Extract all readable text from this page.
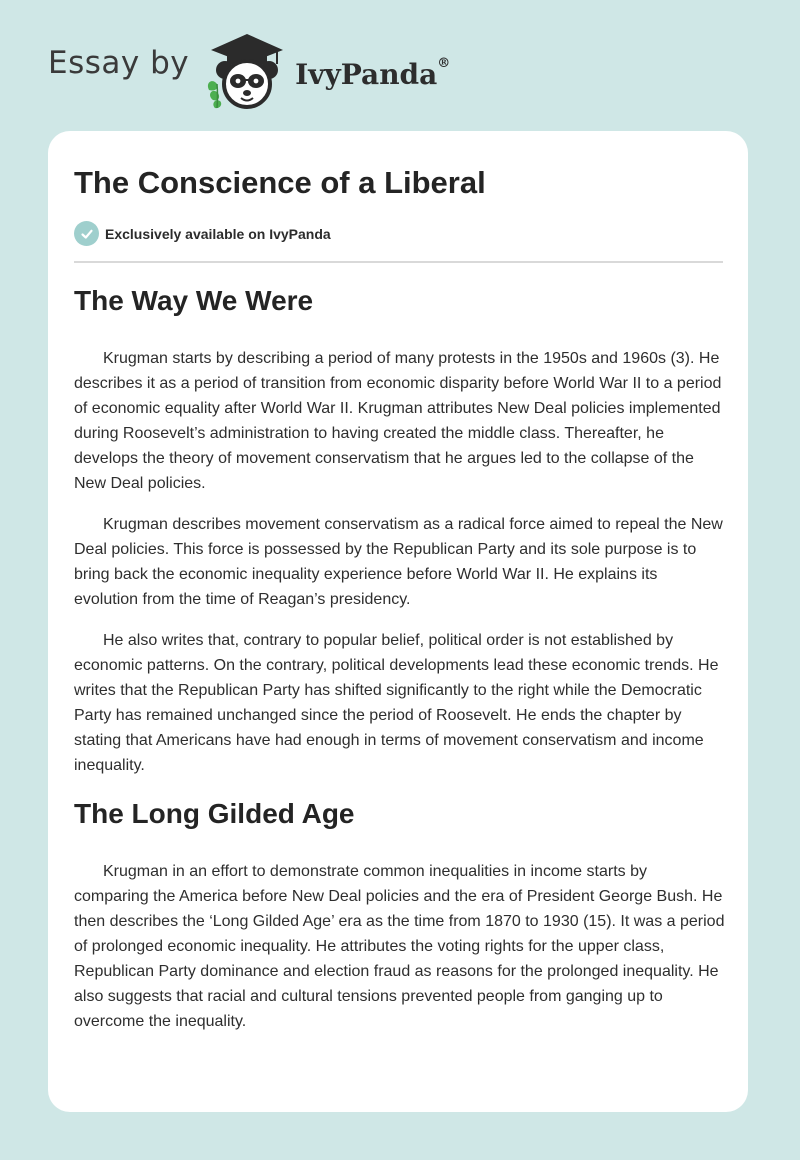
Essay by	IvyPanda®
The Conscience of a Liberal
Exclusively available on IvyPanda
The Way We Were

Krugman starts by describing a period of many protests in the 1950s and 1960s (3). He describes it as a period of transition from economic disparity before World War II to a period of economic equality after World War II. Krugman attributes New Deal policies implemented during Roosevelt’s administration to having created the middle class. Thereafter, he develops the theory of movement conservatism that he argues led to the collapse of the New Deal policies.

Krugman describes movement conservatism as a radical force aimed to repeal the New Deal policies. This force is possessed by the Republican Party and its sole purpose is to bring back the economic inequality experience before World War II. He explains its evolution from the time of Reagan’s presidency.

He also writes that, contrary to popular belief, political order is not established by economic patterns. On the contrary, political developments lead these economic trends. He writes that the Republican Party has shifted significantly to the right while the Democratic Party has remained unchanged since the period of Roosevelt. He ends the chapter by stating that Americans have had enough in terms of movement conservatism and income inequality.

The Long Gilded Age

Krugman in an effort to demonstrate common inequalities in income starts by comparing the America before New Deal policies and the era of President George Bush. He then describes the ‘Long Gilded Age’ era as the time from 1870 to 1930 (15). It was a period of prolonged economic inequality. He attributes the voting rights for the upper class, Republican Party dominance and election fraud as reasons for the prolonged inequality. He also suggests that racial and cultural tensions prevented people from ganging up to overcome the inequality.
